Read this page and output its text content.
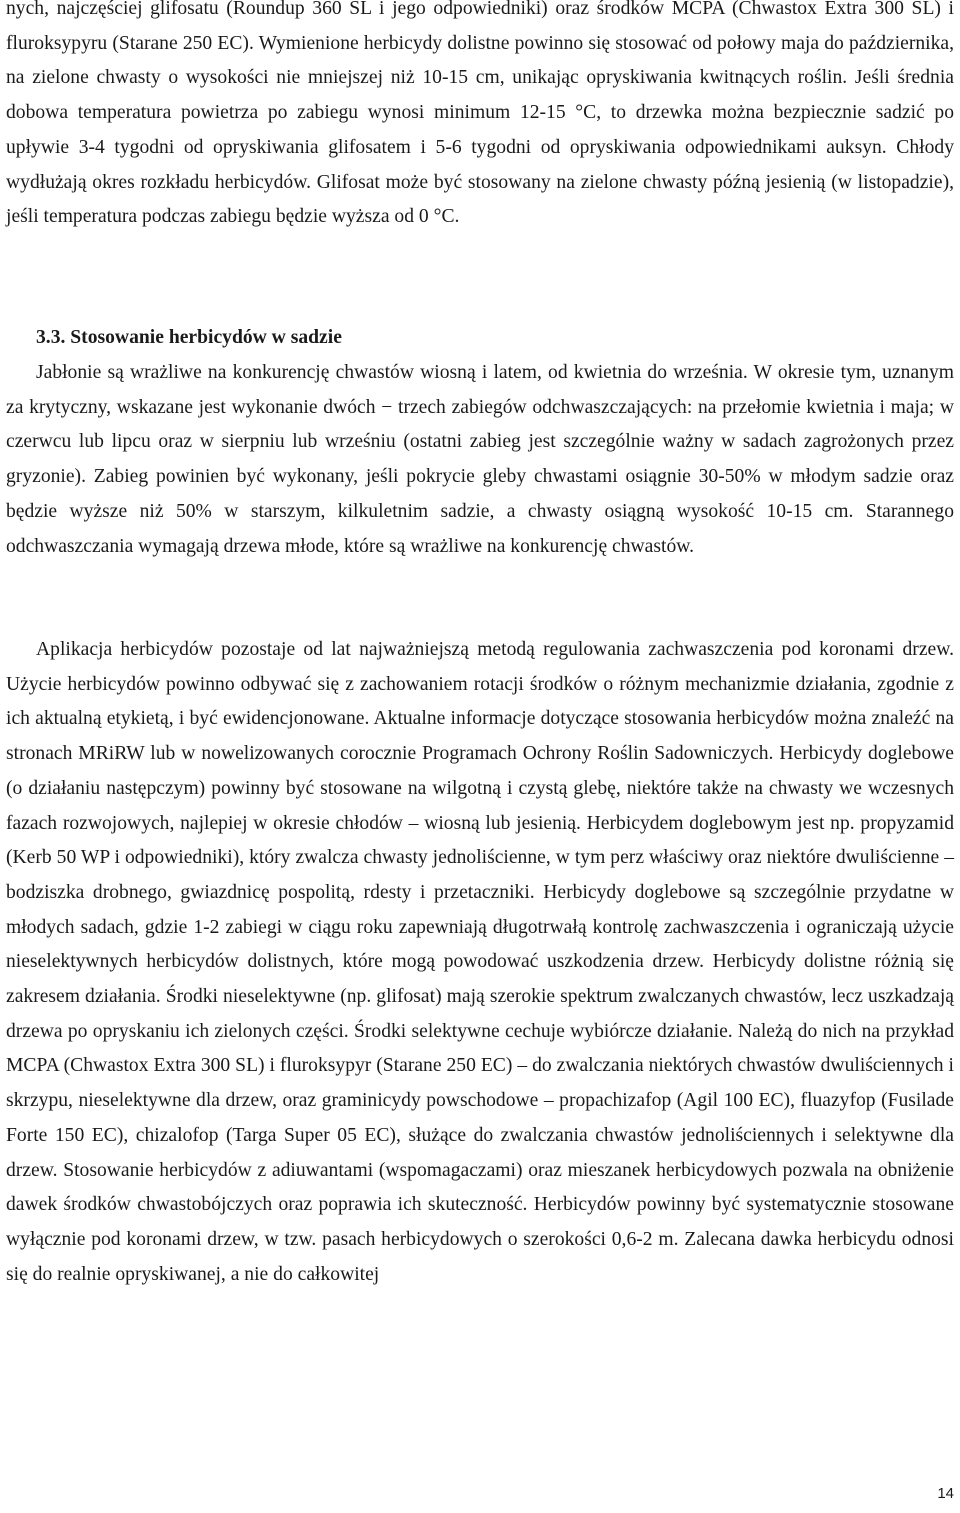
nych, najczęściej glifosatu (Roundup 360 SL i jego odpowiedniki) oraz środków MCPA (Chwastox Extra 300 SL) i fluroksypyru (Starane 250 EC). Wymienione herbicydy dolistne powinno się stosować od połowy maja do października, na zielone chwasty o wysokości nie mniejszej niż 10-15 cm, unikając opryskiwania kwitnących roślin. Jeśli średnia dobowa temperatura powietrza po zabiegu wynosi minimum 12-15 °C, to drzewka można bezpiecznie sadzić po upływie 3-4 tygodni od opryskiwania glifosatem i 5-6 tygodni od opryskiwania odpowiednikami auksyn. Chłody wydłużają okres rozkładu herbicydów. Glifosat może być stosowany na zielone chwasty późną jesienią (w listopadzie), jeśli temperatura podczas zabiegu będzie wyższa od 0 °C.

3.3. Stosowanie herbicydów w sadzie

Jabłonie są wrażliwe na konkurencję chwastów wiosną i latem, od kwietnia do września. W okresie tym, uznanym za krytyczny, wskazane jest wykonanie dwóch − trzech zabiegów odchwaszczających: na przełomie kwietnia i maja; w czerwcu lub lipcu oraz w sierpniu lub wrześniu (ostatni zabieg jest szczególnie ważny w sadach zagrożonych przez gryzonie). Zabieg powinien być wykonany, jeśli pokrycie gleby chwastami osiągnie 30-50% w młodym sadzie oraz będzie wyższe niż 50% w starszym, kilkuletnim sadzie, a chwasty osiągną wysokość 10-15 cm. Starannego odchwaszczania wymagają drzewa młode, które są wrażliwe na konkurencję chwastów.

Aplikacja herbicydów pozostaje od lat najważniejszą metodą regulowania zachwaszczenia pod koronami drzew. Użycie herbicydów powinno odbywać się z zachowaniem rotacji środków o różnym mechanizmie działania, zgodnie z ich aktualną etykietą, i być ewidencjonowane. Aktualne informacje dotyczące stosowania herbicydów można znaleźć na stronach MRiRW lub w nowelizowanych corocznie Programach Ochrony Roślin Sadowniczych. Herbicydy doglebowe (o działaniu następczym) powinny być stosowane na wilgotną i czystą glebę, niektóre także na chwasty we wczesnych fazach rozwojowych, najlepiej w okresie chłodów – wiosną lub jesienią. Herbicydem doglebowym jest np. propyzamid (Kerb 50 WP i odpowiedniki), który zwalcza chwasty jednoliścienne, w tym perz właściwy oraz niektóre dwuliścienne – bodziszka drobnego, gwiazdnicę pospolitą, rdesty i przetaczniki. Herbicydy doglebowe są szczególnie przydatne w młodych sadach, gdzie 1-2 zabiegi w ciągu roku zapewniają długotrwałą kontrolę zachwaszczenia i ograniczają użycie nieselektywnych herbicydów dolistnych, które mogą powodować uszkodzenia drzew. Herbicydy dolistne różnią się zakresem działania. Środki nieselektywne (np. glifosat) mają szerokie spektrum zwalczanych chwastów, lecz uszkadzają drzewa po opryskaniu ich zielonych części. Środki selektywne cechuje wybiórcze działanie. Należą do nich na przykład MCPA (Chwastox Extra 300 SL) i fluroksypyr (Starane 250 EC) – do zwalczania niektórych chwastów dwuliściennych i skrzypu, nieselektywne dla drzew, oraz graminicydy powschodowe – propachizafop (Agil 100 EC), fluazyfop (Fusilade Forte 150 EC), chizalofop (Targa Super 05 EC), służące do zwalczania chwastów jednoliściennych i selektywne dla drzew. Stosowanie herbicydów z adiuwantami (wspomagaczami) oraz mieszanek herbicydowych pozwala na obniżenie dawek środków chwastobójczych oraz poprawia ich skuteczność. Herbicydów powinny być systematycznie stosowane wyłącznie pod koronami drzew, w tzw. pasach herbicydowych o szerokości 0,6-2 m. Zalecana dawka herbicydu odnosi się do realnie opryskiwanej, a nie do całkowitej

14
